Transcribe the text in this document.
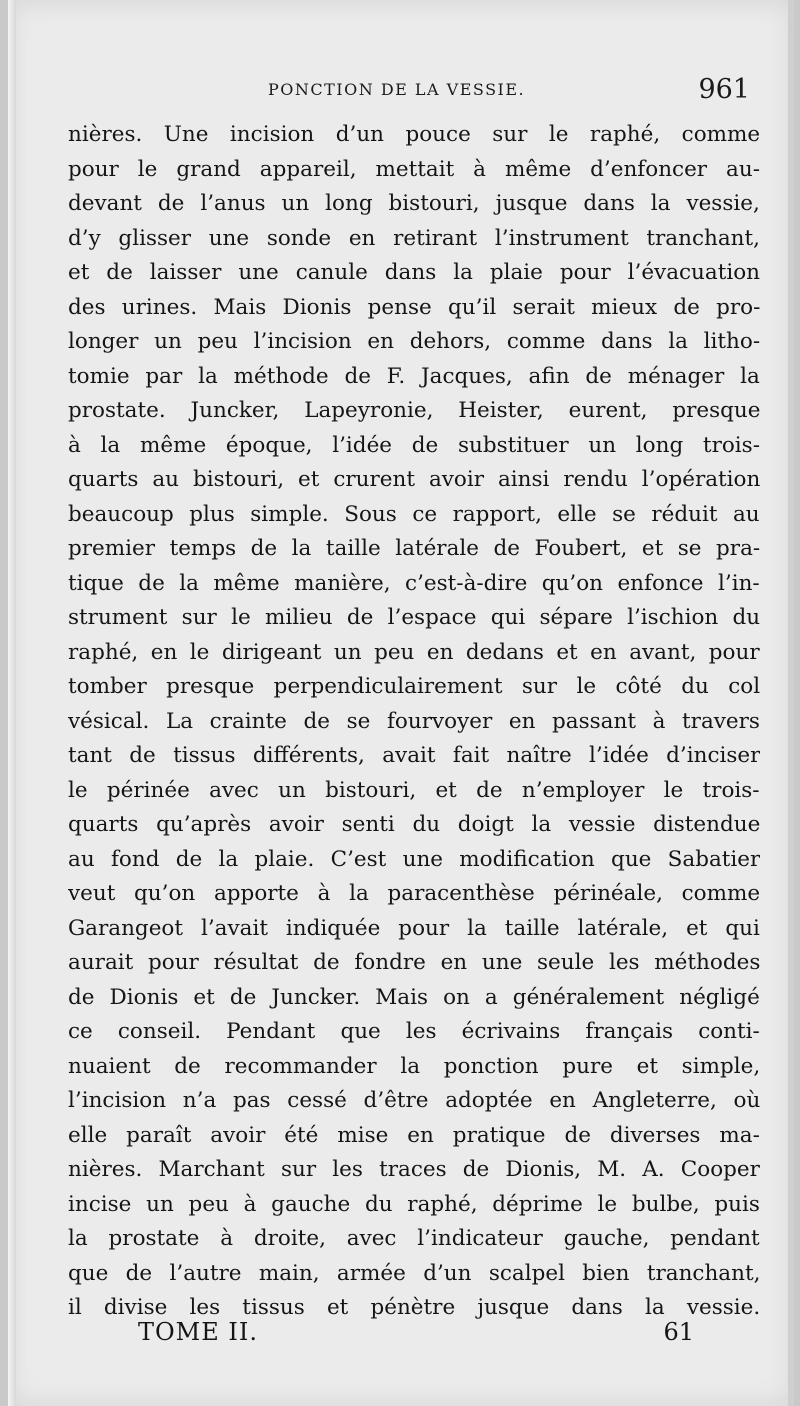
PONCTION DE LA VESSIE.	961
nières. Une incision d’un pouce sur le raphé, comme
pour le grand appareil, mettait à même d’enfoncer au-
devant de l’anus un long bistouri, jusque dans la vessie,
d’y glisser une sonde en retirant l’instrument tranchant,
et de laisser une canule dans la plaie pour l’évacuation
des urines. Mais Dionis pense qu’il serait mieux de pro-
longer un peu l’incision en dehors, comme dans la litho-
tomie par la méthode de F. Jacques, afin de ménager la
prostate. Juncker, Lapeyronie, Heister, eurent, presque
à la même époque, l’idée de substituer un long trois-
quarts au bistouri, et crurent avoir ainsi rendu l’opération
beaucoup plus simple. Sous ce rapport, elle se réduit au
premier temps de la taille latérale de Foubert, et se pra-
tique de la même manière, c’est-à-dire qu’on enfonce l’in-
strument sur le milieu de l’espace qui sépare l’ischion du
raphé, en le dirigeant un peu en dedans et en avant, pour
tomber presque perpendiculairement sur le côté du col
vésical. La crainte de se fourvoyer en passant à travers
tant de tissus différents, avait fait naître l’idée d’inciser
le périnée avec un bistouri, et de n’employer le trois-
quarts qu’après avoir senti du doigt la vessie distendue
au fond de la plaie. C’est une modification que Sabatier
veut qu’on apporte à la paracenthèse périnéale, comme
Garangeot l’avait indiquée pour la taille latérale, et qui
aurait pour résultat de fondre en une seule les méthodes
de Dionis et de Juncker. Mais on a généralement négligé
ce conseil. Pendant que les écrivains français conti-
nuaient de recommander la ponction pure et simple,
l’incision n’a pas cessé d’être adoptée en Angleterre, où
elle paraît avoir été mise en pratique de diverses ma-
nières. Marchant sur les traces de Dionis, M. A. Cooper
incise un peu à gauche du raphé, déprime le bulbe, puis
la prostate à droite, avec l’indicateur gauche, pendant
que de l’autre main, armée d’un scalpel bien tranchant,
il divise les tissus et pénètre jusque dans la vessie.
TOME II.	61
